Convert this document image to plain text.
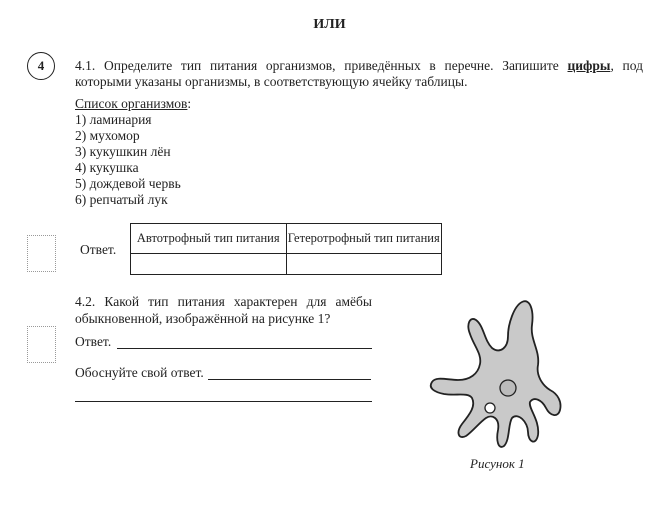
ИЛИ
4	4.1. Определите тип питания организмов, приведённых в перечне. Запишите цифры, под которыми указаны организмы, в соответствующую ячейку таблицы.

Список организмов:
1) ламинария
2) мухомор
3) кукушкин лён
4) кукушка
5) дождевой червь
6) репчатый лук
Ответ.
Автотрофный тип питания	Гетеротрофный тип питания

4.2. Какой тип питания характерен для амёбы обыкновенной, изображённой на рисунке 1?
Ответ.
Обоснуйте свой ответ.
Рисунок 1
